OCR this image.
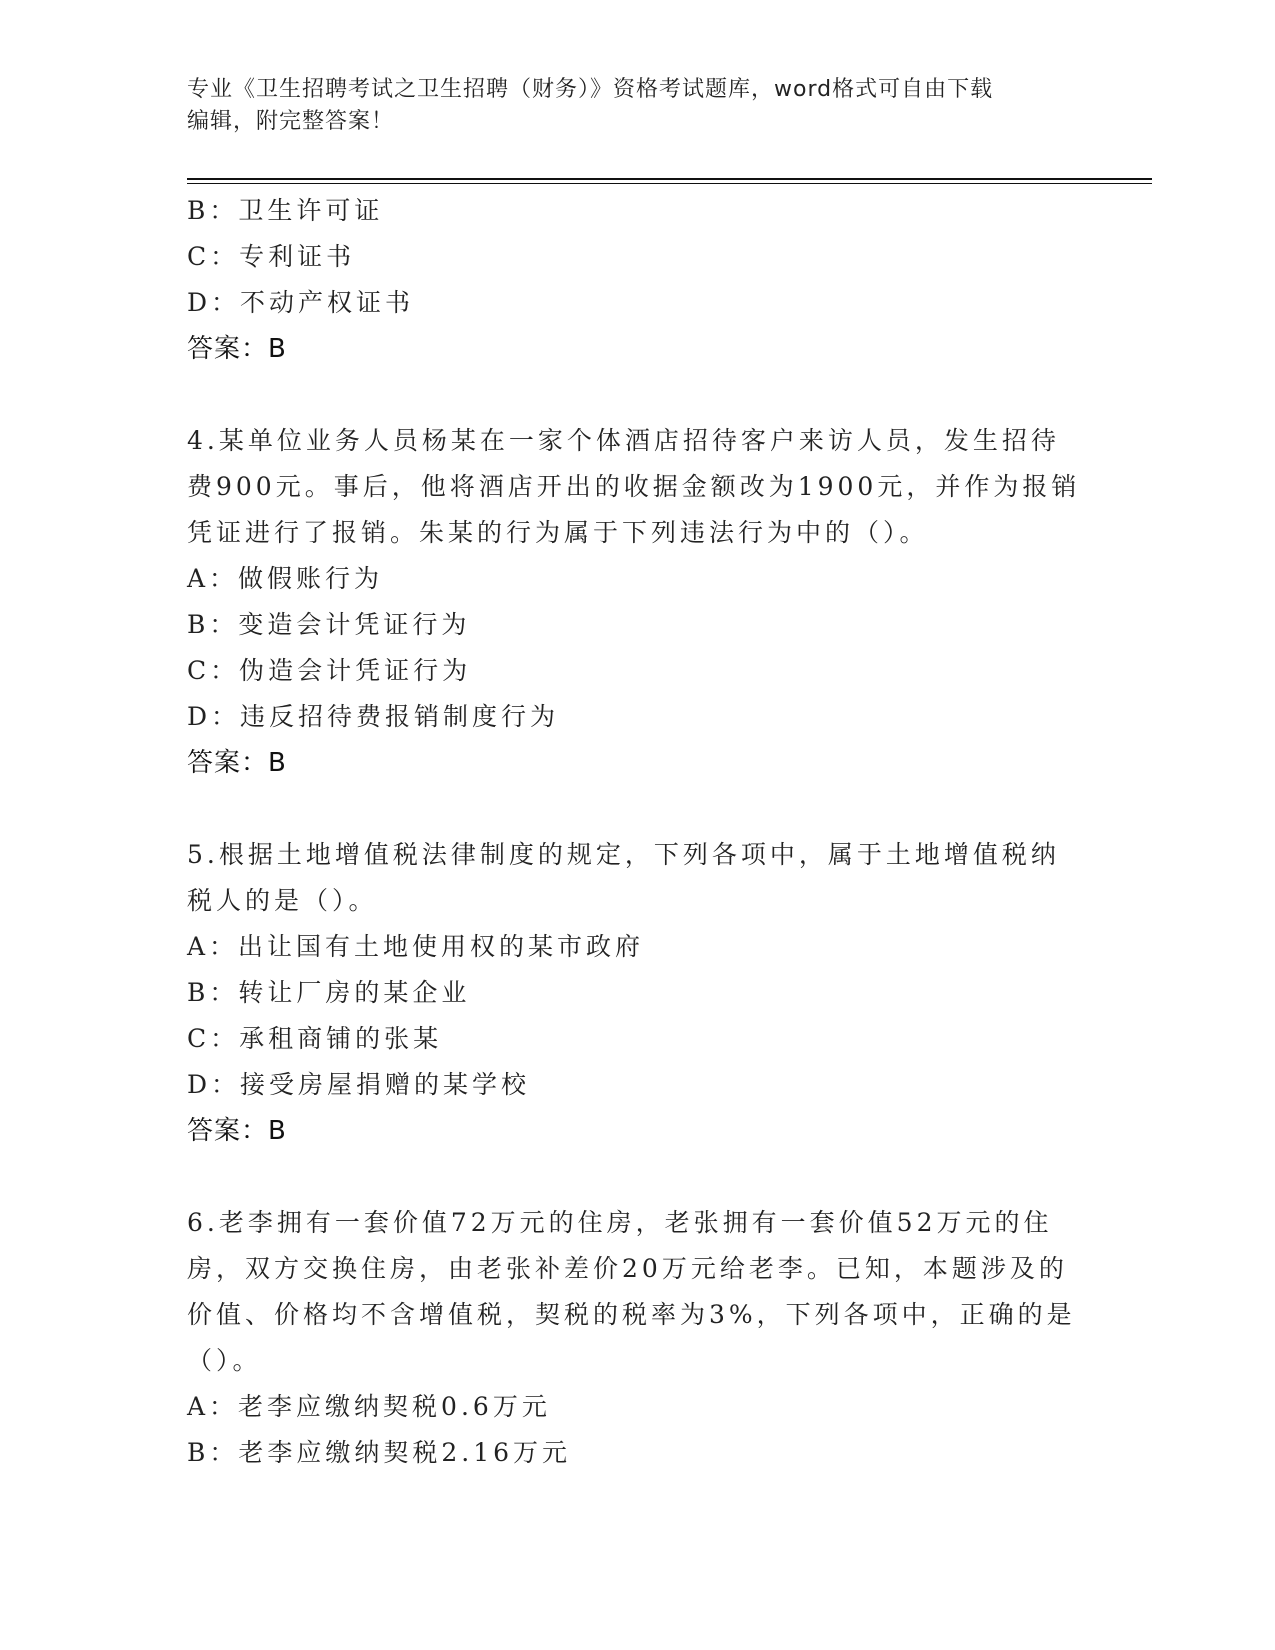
专业《卫生招聘考试之卫生招聘（财务）》资格考试题库，word格式可自由下载
编辑，附完整答案！
B：卫生许可证
C：专利证书
D：不动产权证书
答案：B
4.某单位业务人员杨某在一家个体酒店招待客户来访人员，发生招待
费900元。事后，他将酒店开出的收据金额改为1900元，并作为报销
凭证进行了报销。朱某的行为属于下列违法行为中的（）。
A：做假账行为
B：变造会计凭证行为
C：伪造会计凭证行为
D：违反招待费报销制度行为
答案：B
5.根据土地增值税法律制度的规定，下列各项中，属于土地增值税纳
税人的是（）。
A：出让国有土地使用权的某市政府
B：转让厂房的某企业
C：承租商铺的张某
D：接受房屋捐赠的某学校
答案：B
6.老李拥有一套价值72万元的住房，老张拥有一套价值52万元的住
房，双方交换住房，由老张补差价20万元给老李。已知，本题涉及的
价值、价格均不含增值税，契税的税率为3%，下列各项中，正确的是
（）。
A：老李应缴纳契税0.6万元
B：老李应缴纳契税2.16万元
